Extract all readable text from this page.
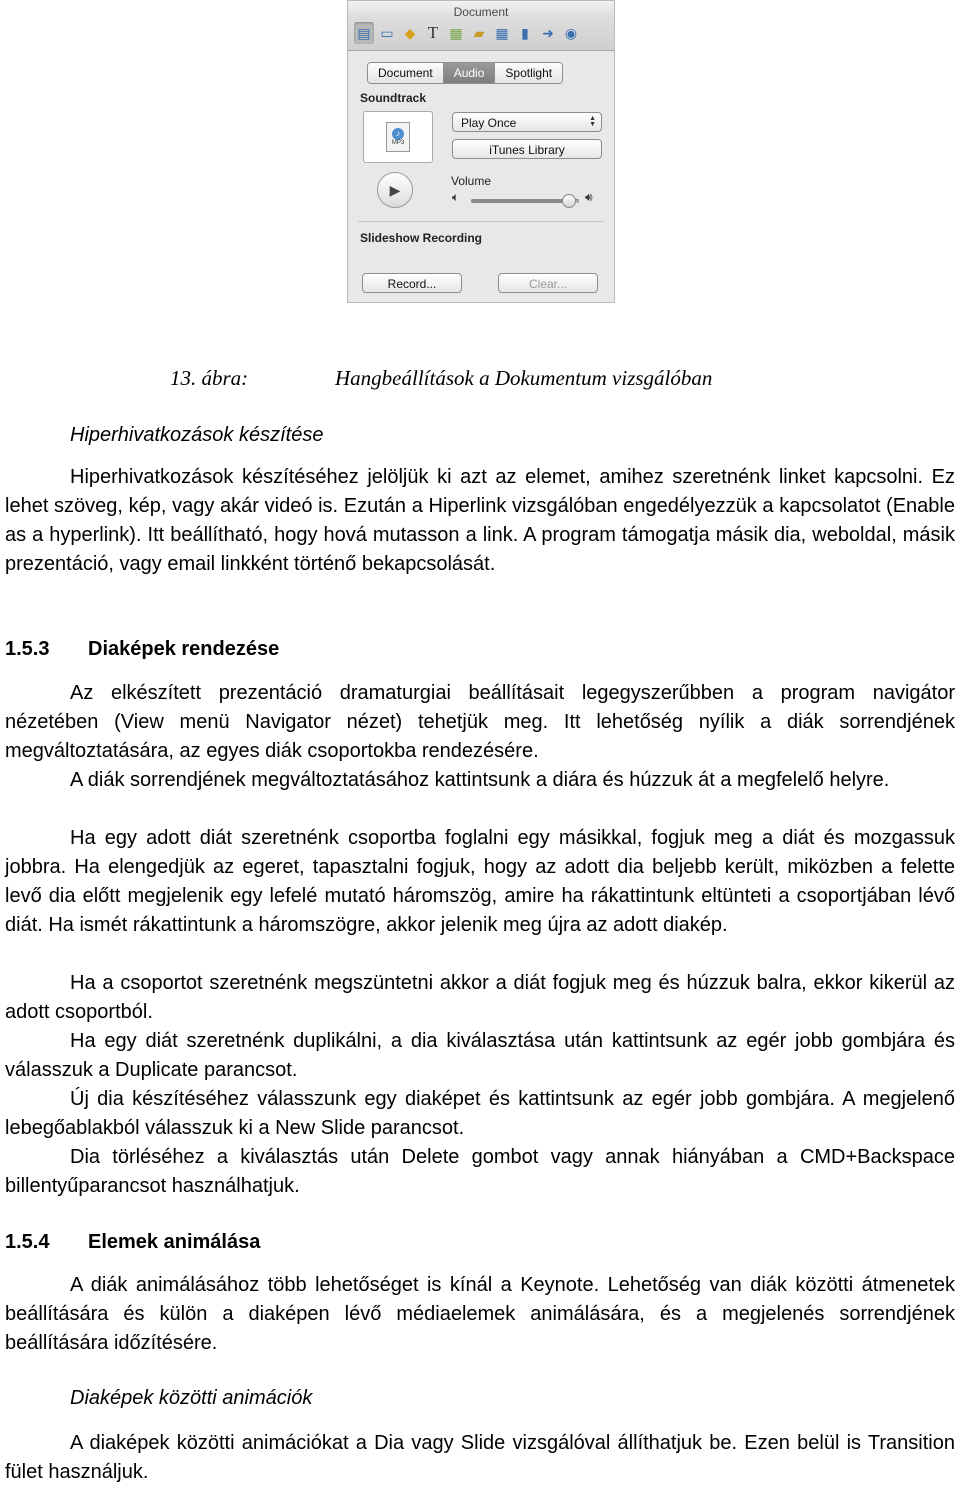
Document
▤ ▭ ◆ T ▦ ▰ ▦ ▮ ➜ ◉
Document	Audio	Spotlight
Soundtrack
♪
MP3
Play Once	▲
▼
iTunes Library
▶
Volume
🔈︎	🔊︎
Slideshow Recording
Record...	Clear...
13. ábra:	Hangbeállítások a Dokumentum vizsgálóban
Hiperhivatkozások készítése
Hiperhivatkozások készítéséhez jelöljük ki azt az elemet, amihez szeretnénk linket kapcsolni. Ez lehet szöveg, kép, vagy akár videó is. Ezután a Hiperlink vizsgálóban engedélyezzük a kapcsolatot (Enable as a hyperlink). Itt beállítható, hogy hová mutasson a link. A program támogatja másik dia, weboldal, másik prezentáció, vagy email linkként történő bekapcsolását.
1.5.3 Diaképek rendezése
Az elkészített prezentáció dramaturgiai beállításait legegyszerűbben a program navigátor nézetében (View menü Navigator nézet) tehetjük meg. Itt lehetőség nyílik a diák sorrendjének megváltoztatására, az egyes diák csoportokba rendezésére.
A diák sorrendjének megváltoztatásához kattintsunk a diára és húzzuk át a megfelelő helyre.
Ha egy adott diát szeretnénk csoportba foglalni egy másikkal, fogjuk meg a diát és mozgassuk jobbra. Ha elengedjük az egeret, tapasztalni fogjuk, hogy az adott dia beljebb került, miközben a felette levő dia előtt megjelenik egy lefelé mutató háromszög, amire ha rákattintunk eltünteti a csoportjában lévő diát. Ha ismét rákattintunk a háromszögre, akkor jelenik meg újra az adott diakép.
Ha a csoportot szeretnénk megszüntetni akkor a diát fogjuk meg és húzzuk balra, ekkor kikerül az adott csoportból.
Ha egy diát szeretnénk duplikálni, a dia kiválasztása után kattintsunk az egér jobb gombjára és válasszuk a Duplicate parancsot.
Új dia készítéséhez válasszunk egy diaképet és kattintsunk az egér jobb gombjára. A megjelenő lebegőablakból válasszuk ki a New Slide parancsot.
Dia törléséhez a kiválasztás után Delete gombot vagy annak hiányában a CMD+Backspace billentyűparancsot használhatjuk.
1.5.4 Elemek animálása
A diák animálásához több lehetőséget is kínál a Keynote. Lehetőség van diák közötti átmenetek beállítására és külön a diaképen lévő médiaelemek animálására, és a megjelenés sorrendjének beállítására időzítésére.
Diaképek közötti animációk
A diaképek közötti animációkat a Dia vagy Slide vizsgálóval állíthatjuk be. Ezen belül is Transition fület használjuk.
